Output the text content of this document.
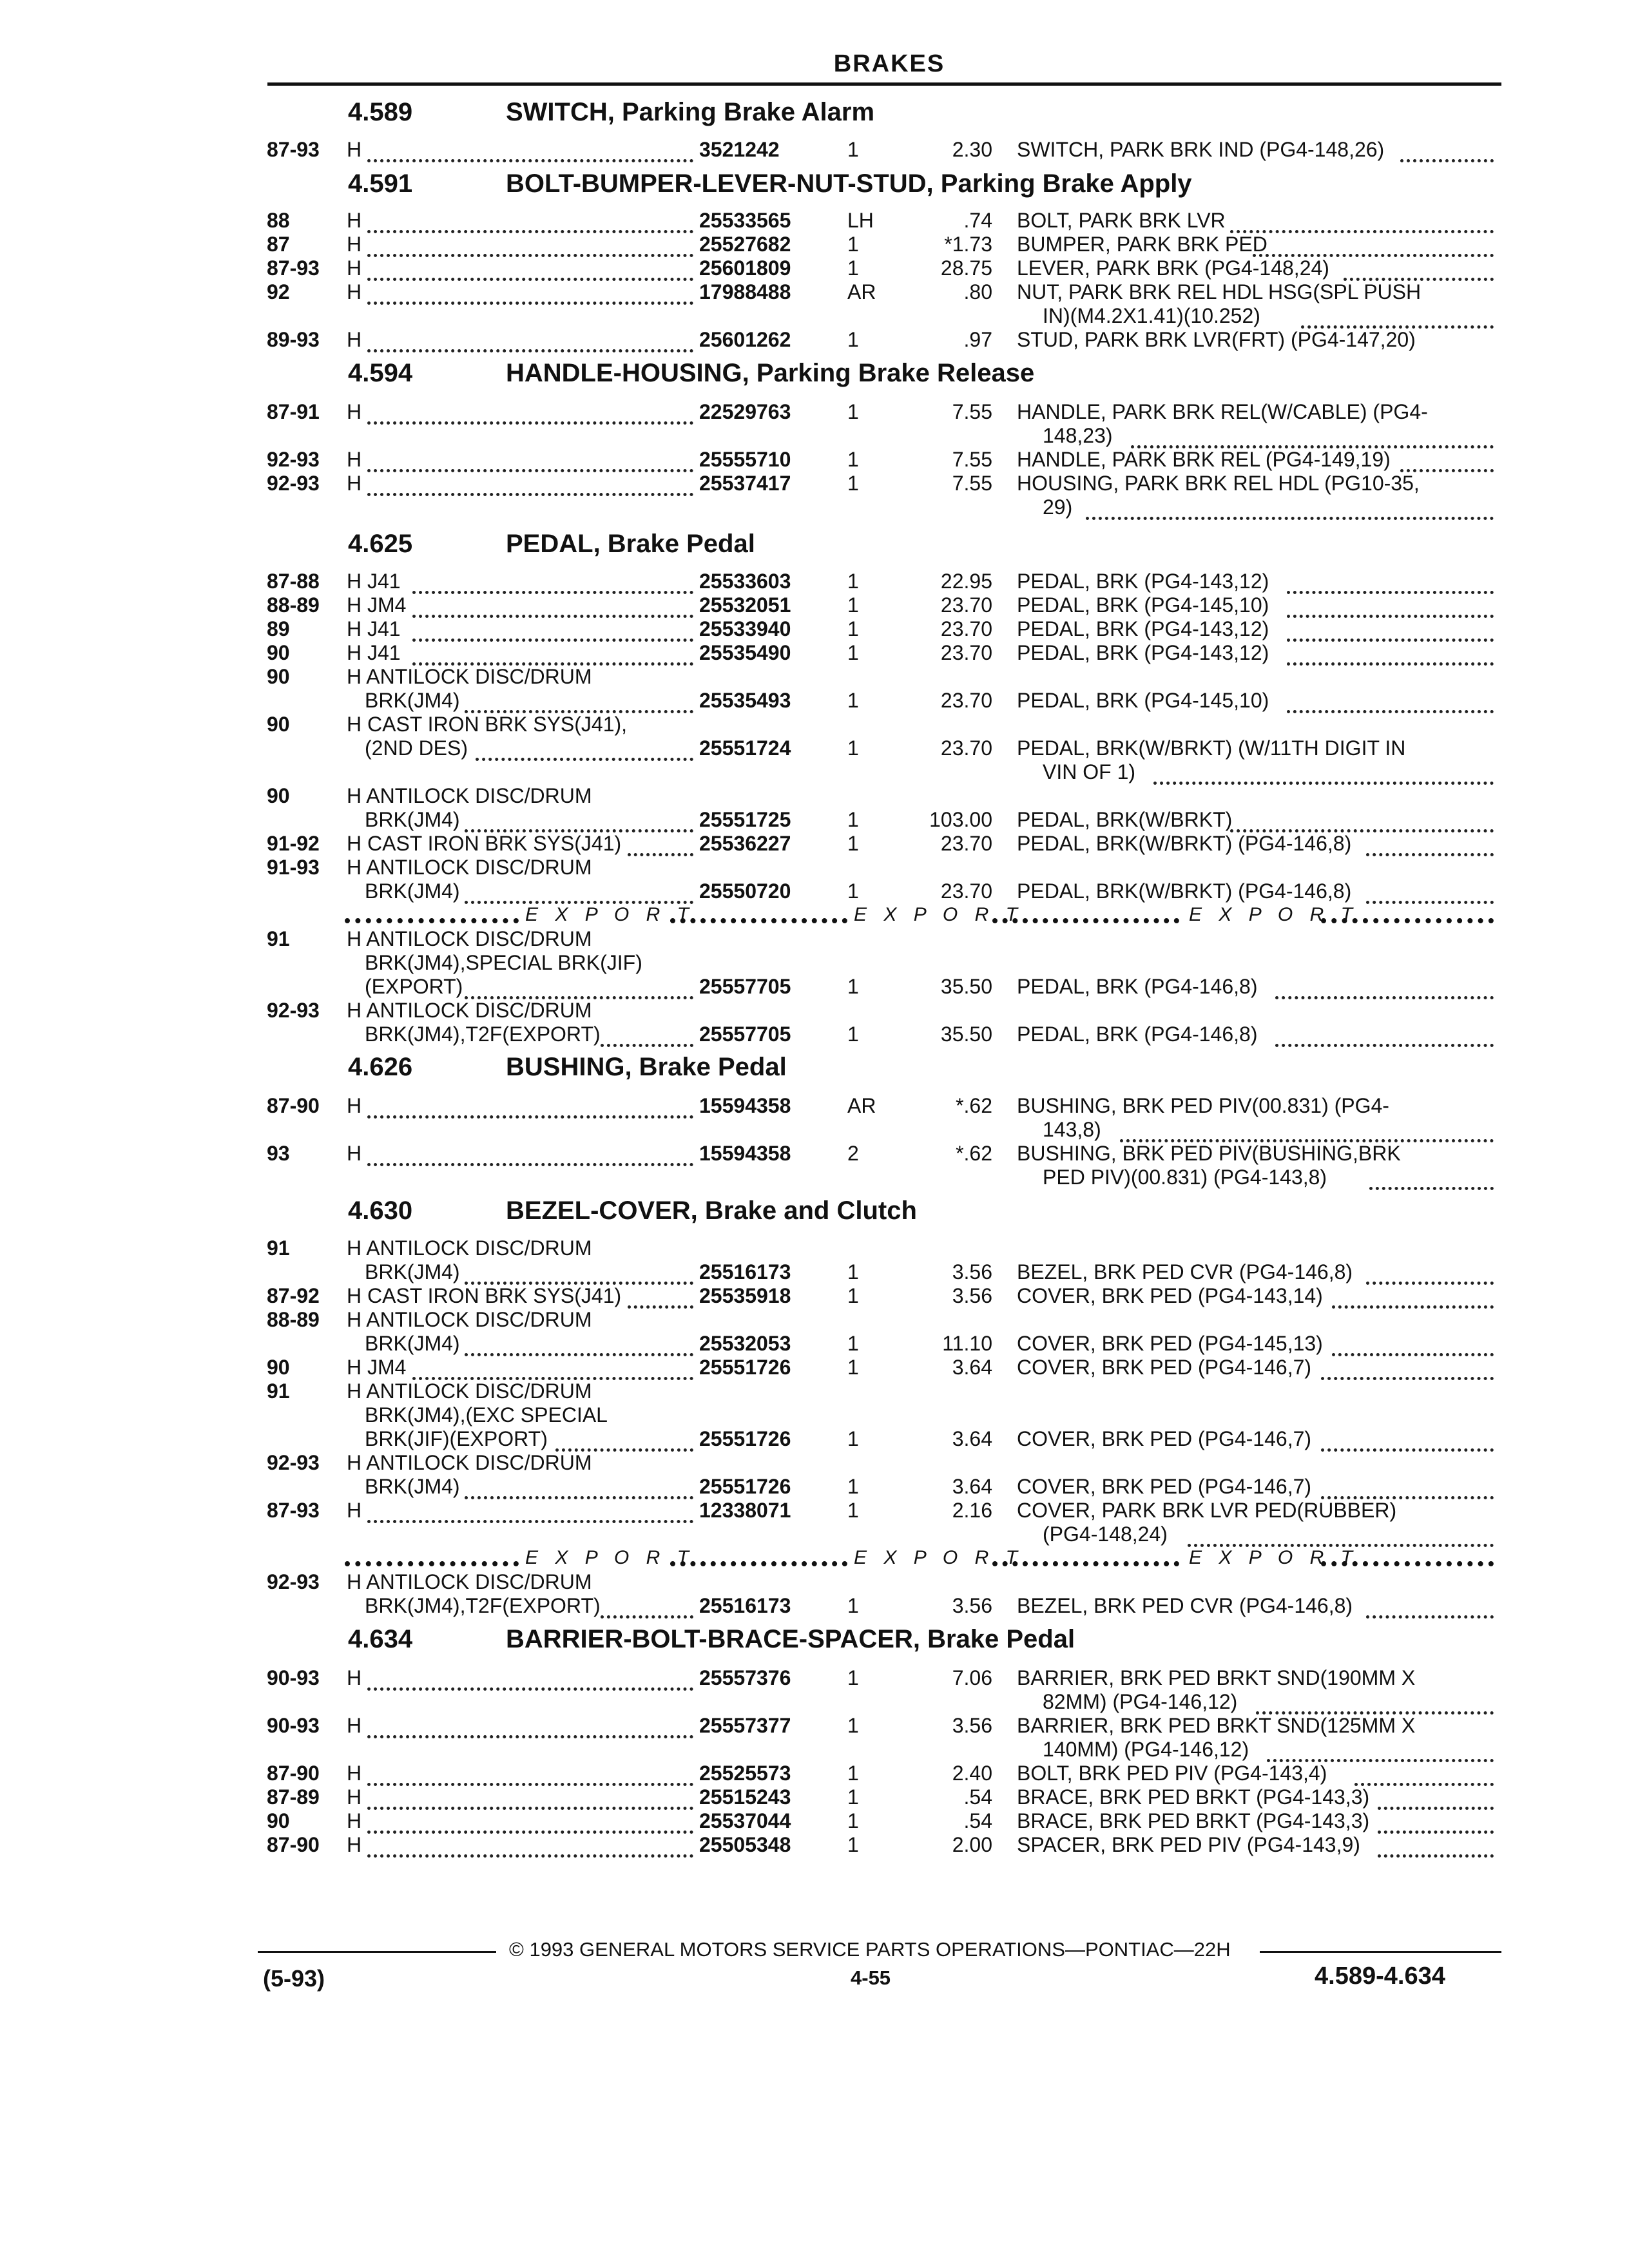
BRAKES
4.589	SWITCH, Parking Brake Alarm
87-93 H	3521242	1	2.30 SWITCH, PARK BRK IND (PG4-148,26)
4.591	BOLT-BUMPER-LEVER-NUT-STUD, Parking Brake Apply
88	H	25533565	LH	.74 BOLT, PARK BRK LVR
87	H	25527682	1	*1.73 BUMPER, PARK BRK PED
87-93 H	25601809	1	28.75 LEVER, PARK BRK (PG4-148,24)
92	H	17988488	AR	.80 NUT, PARK BRK REL HDL HSG(SPL PUSH
IN)(M4.2X1.41)(10.252)
89-93 H	25601262	1	.97 STUD, PARK BRK LVR(FRT) (PG4-147,20)
4.594	HANDLE-HOUSING, Parking Brake Release
87-91 H	22529763	1	7.55 HANDLE, PARK BRK REL(W/CABLE) (PG4-
148,23)
92-93 H	25555710	1	7.55 HANDLE, PARK BRK REL (PG4-149,19)
92-93 H	25537417	1	7.55 HOUSING, PARK BRK REL HDL (PG10-35,
29)
4.625	PEDAL, Brake Pedal
87-88 H J41	25533603	1	22.95 PEDAL, BRK (PG4-143,12)
88-89 H JM4	25532051	1	23.70 PEDAL, BRK (PG4-145,10)
89	H J41	25533940	1	23.70 PEDAL, BRK (PG4-143,12)
90	H J41	25535490	1	23.70 PEDAL, BRK (PG4-143,12)
90	H ANTILOCK DISC/DRUM
BRK(JM4)	25535493	1	23.70 PEDAL, BRK (PG4-145,10)
90	H CAST IRON BRK SYS(J41),
(2ND DES)	25551724	1	23.70 PEDAL, BRK(W/BRKT) (W/11TH DIGIT IN
VIN OF 1)
90	H ANTILOCK DISC/DRUM
BRK(JM4)	25551725	1	103.00 PEDAL, BRK(W/BRKT)
91-92 H CAST IRON BRK SYS(J41)	25536227	1	23.70 PEDAL, BRK(W/BRKT) (PG4-146,8)
91-93 H ANTILOCK DISC/DRUM
BRK(JM4)	25550720	1	23.70 PEDAL, BRK(W/BRKT) (PG4-146,8)
E X P O R T	E X P O R T	E X P O R T
91	H ANTILOCK DISC/DRUM
BRK(JM4),SPECIAL BRK(JIF)
(EXPORT)	25557705	1	35.50 PEDAL, BRK (PG4-146,8)
92-93 H ANTILOCK DISC/DRUM
BRK(JM4),T2F(EXPORT)	25557705	1	35.50 PEDAL, BRK (PG4-146,8)
4.626	BUSHING, Brake Pedal
87-90 H	15594358	AR	*.62 BUSHING, BRK PED PIV(00.831) (PG4-
143,8)
93	H	15594358	2	*.62 BUSHING, BRK PED PIV(BUSHING,BRK
PED PIV)(00.831) (PG4-143,8)
4.630	BEZEL-COVER, Brake and Clutch
91	H ANTILOCK DISC/DRUM
BRK(JM4)	25516173	1	3.56 BEZEL, BRK PED CVR (PG4-146,8)
87-92 H CAST IRON BRK SYS(J41)	25535918	1	3.56 COVER, BRK PED (PG4-143,14)
88-89 H ANTILOCK DISC/DRUM
BRK(JM4)	25532053	1	11.10 COVER, BRK PED (PG4-145,13)
90	H JM4	25551726	1	3.64 COVER, BRK PED (PG4-146,7)
91	H ANTILOCK DISC/DRUM
BRK(JM4),(EXC SPECIAL
BRK(JIF)(EXPORT)	25551726	1	3.64 COVER, BRK PED (PG4-146,7)
92-93 H ANTILOCK DISC/DRUM
BRK(JM4)	25551726	1	3.64 COVER, BRK PED (PG4-146,7)
87-93 H	12338071	1	2.16 COVER, PARK BRK LVR PED(RUBBER)
(PG4-148,24)
E X P O R T	E X P O R T	E X P O R T
92-93 H ANTILOCK DISC/DRUM
BRK(JM4),T2F(EXPORT)	25516173	1	3.56 BEZEL, BRK PED CVR (PG4-146,8)
4.634	BARRIER-BOLT-BRACE-SPACER, Brake Pedal
90-93 H	25557376	1	7.06 BARRIER, BRK PED BRKT SND(190MM X
82MM) (PG4-146,12)
90-93 H	25557377	1	3.56 BARRIER, BRK PED BRKT SND(125MM X
140MM) (PG4-146,12)
87-90 H	25525573	1	2.40 BOLT, BRK PED PIV (PG4-143,4)
87-89 H	25515243	1	.54 BRACE, BRK PED BRKT (PG4-143,3)
90	H	25537044	1	.54 BRACE, BRK PED BRKT (PG4-143,3)
87-90 H	25505348	1	2.00 SPACER, BRK PED PIV (PG4-143,9)
© 1993 GENERAL MOTORS SERVICE PARTS OPERATIONS—PONTIAC—22H
(5-93)	4-55	4.589-4.634
